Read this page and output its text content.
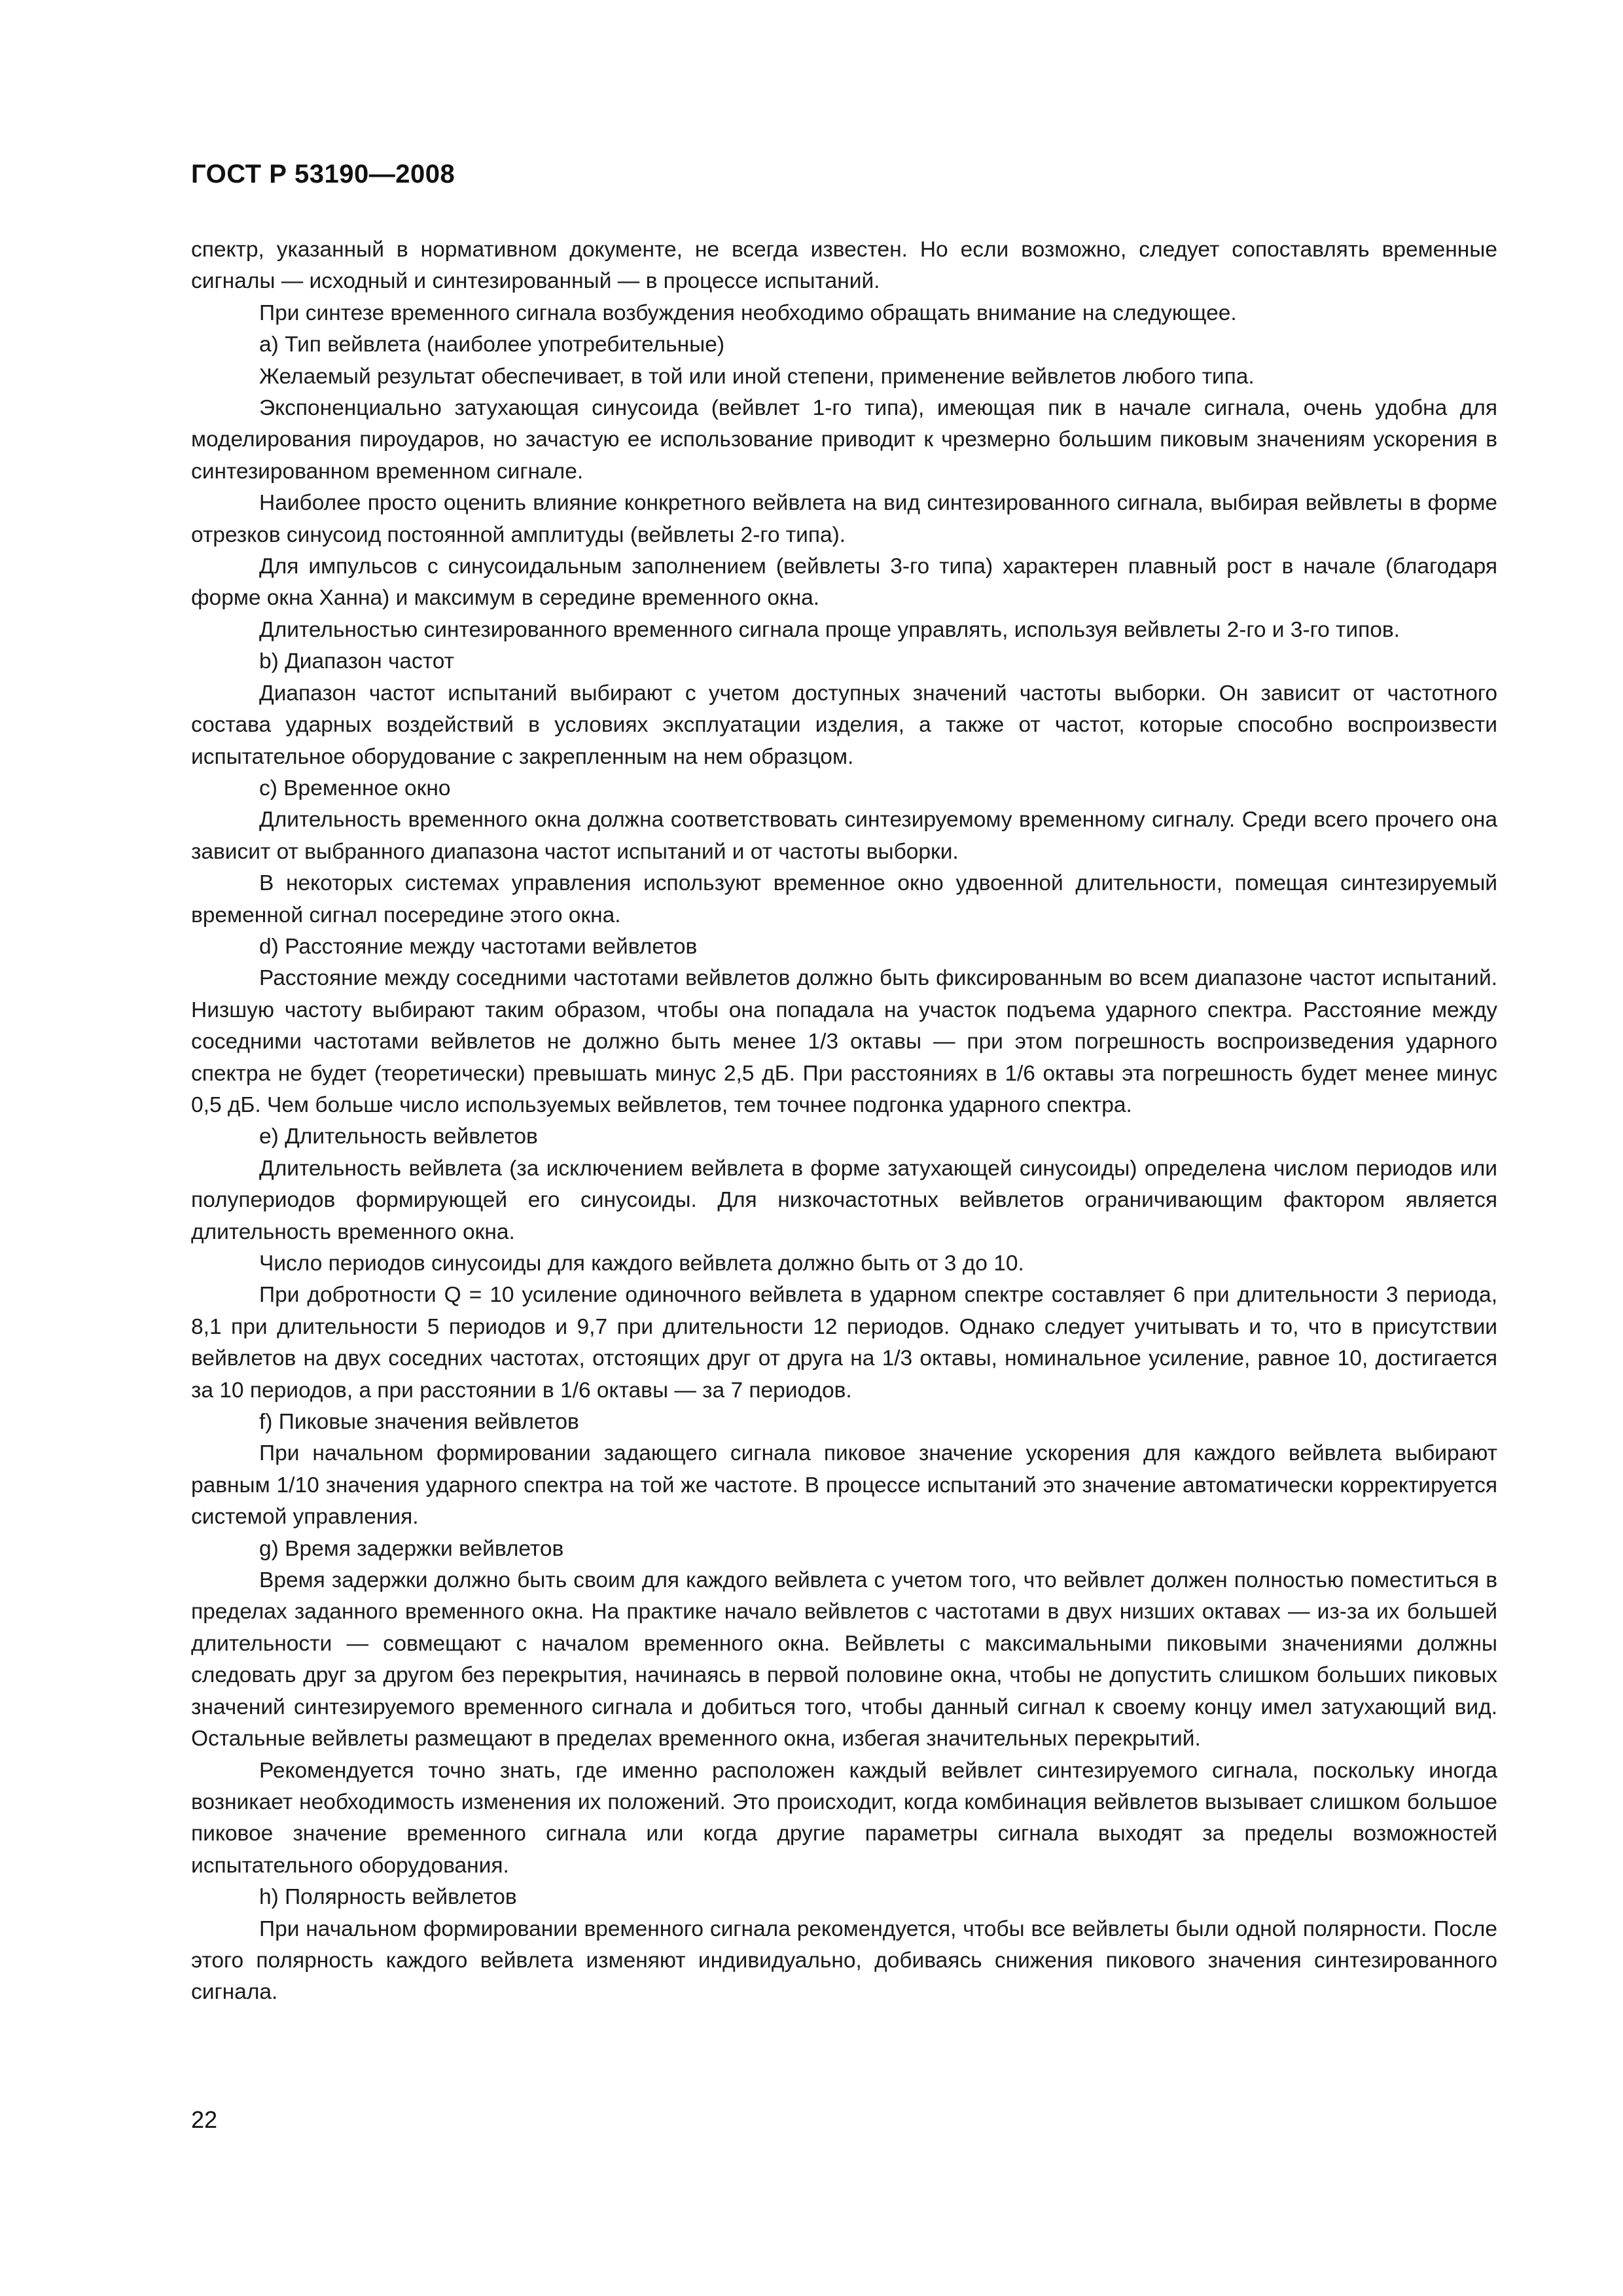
ГОСТ Р 53190—2008

спектр, указанный в нормативном документе, не всегда известен. Но если возможно, следует сопоставлять временные сигналы — исходный и синтезированный — в процессе испытаний.

При синтезе временного сигнала возбуждения необходимо обращать внимание на следующее.

a) Тип вейвлета (наиболее употребительные)

Желаемый результат обеспечивает, в той или иной степени, применение вейвлетов любого типа.

Экспоненциально затухающая синусоида (вейвлет 1-го типа), имеющая пик в начале сигнала, очень удобна для моделирования пироударов, но зачастую ее использование приводит к чрезмерно большим пиковым значениям ускорения в синтезированном временном сигнале.

Наиболее просто оценить влияние конкретного вейвлета на вид синтезированного сигнала, выбирая вейвлеты в форме отрезков синусоид постоянной амплитуды (вейвлеты 2-го типа).

Для импульсов с синусоидальным заполнением (вейвлеты 3-го типа) характерен плавный рост в начале (благодаря форме окна Ханна) и максимум в середине временного окна.

Длительностью синтезированного временного сигнала проще управлять, используя вейвлеты 2-го и 3-го типов.

b) Диапазон частот

Диапазон частот испытаний выбирают с учетом доступных значений частоты выборки. Он зависит от частотного состава ударных воздействий в условиях эксплуатации изделия, а также от частот, которые способно воспроизвести испытательное оборудование с закрепленным на нем образцом.

c) Временное окно

Длительность временного окна должна соответствовать синтезируемому временному сигналу. Среди всего прочего она зависит от выбранного диапазона частот испытаний и от частоты выборки.

В некоторых системах управления используют временное окно удвоенной длительности, помещая синтезируемый временной сигнал посередине этого окна.

d) Расстояние между частотами вейвлетов

Расстояние между соседними частотами вейвлетов должно быть фиксированным во всем диапазоне частот испытаний. Низшую частоту выбирают таким образом, чтобы она попадала на участок подъема ударного спектра. Расстояние между соседними частотами вейвлетов не должно быть менее 1/3 октавы — при этом погрешность воспроизведения ударного спектра не будет (теоретически) превышать минус 2,5 дБ. При расстояниях в 1/6 октавы эта погрешность будет менее минус 0,5 дБ. Чем больше число используемых вейвлетов, тем точнее подгонка ударного спектра.

e) Длительность вейвлетов

Длительность вейвлета (за исключением вейвлета в форме затухающей синусоиды) определена числом периодов или полупериодов формирующей его синусоиды. Для низкочастотных вейвлетов ограничивающим фактором является длительность временного окна.

Число периодов синусоиды для каждого вейвлета должно быть от 3 до 10.

При добротности Q = 10 усиление одиночного вейвлета в ударном спектре составляет 6 при длительности 3 периода, 8,1 при длительности 5 периодов и 9,7 при длительности 12 периодов. Однако следует учитывать и то, что в присутствии вейвлетов на двух соседних частотах, отстоящих друг от друга на 1/3 октавы, номинальное усиление, равное 10, достигается за 10 периодов, а при расстоянии в 1/6 октавы — за 7 периодов.

f) Пиковые значения вейвлетов

При начальном формировании задающего сигнала пиковое значение ускорения для каждого вейвлета выбирают равным 1/10 значения ударного спектра на той же частоте. В процессе испытаний это значение автоматически корректируется системой управления.

g) Время задержки вейвлетов

Время задержки должно быть своим для каждого вейвлета с учетом того, что вейвлет должен полностью поместиться в пределах заданного временного окна. На практике начало вейвлетов с частотами в двух низших октавах — из-за их большей длительности — совмещают с началом временного окна. Вейвлеты с максимальными пиковыми значениями должны следовать друг за другом без перекрытия, начинаясь в первой половине окна, чтобы не допустить слишком больших пиковых значений синтезируемого временного сигнала и добиться того, чтобы данный сигнал к своему концу имел затухающий вид. Остальные вейвлеты размещают в пределах временного окна, избегая значительных перекрытий.

Рекомендуется точно знать, где именно расположен каждый вейвлет синтезируемого сигнала, поскольку иногда возникает необходимость изменения их положений. Это происходит, когда комбинация вейвлетов вызывает слишком большое пиковое значение временного сигнала или когда другие параметры сигнала выходят за пределы возможностей испытательного оборудования.

h) Полярность вейвлетов

При начальном формировании временного сигнала рекомендуется, чтобы все вейвлеты были одной полярности. После этого полярность каждого вейвлета изменяют индивидуально, добиваясь снижения пикового значения синтезированного сигнала.

22
